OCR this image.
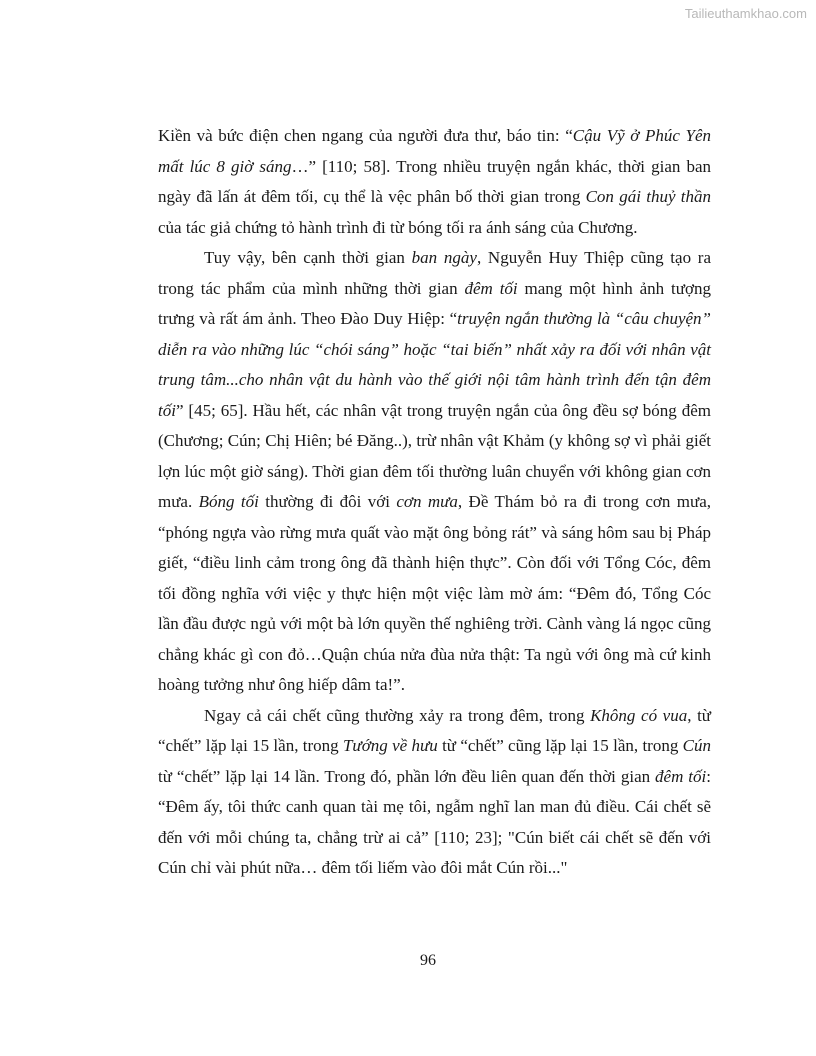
Tailieuthamkhao.com

Kiền và bức điện chen ngang của người đưa thư, báo tin: “Cậu Vỹ ở Phúc Yên mất lúc 8 giờ sáng…” [110; 58]. Trong nhiều truyện ngắn khác, thời gian ban ngày đã lấn át đêm tối, cụ thể là vệc phân bố thời gian trong Con gái thuỷ thần của tác giả chứng tỏ hành trình đi từ bóng tối ra ánh sáng của Chương.

Tuy vậy, bên cạnh thời gian ban ngày, Nguyễn Huy Thiệp cũng tạo ra trong tác phẩm của mình những thời gian đêm tối mang một hình ảnh tượng trưng và rất ám ảnh. Theo Đào Duy Hiệp: “truyện ngắn thường là “câu chuyện” diễn ra vào những lúc “chói sáng” hoặc “tai biến” nhất xảy ra đối với nhân vật trung tâm...cho nhân vật du hành vào thế giới nội tâm hành trình đến tận đêm tối” [45; 65]. Hầu hết, các nhân vật trong truyện ngắn của ông đều sợ bóng đêm (Chương; Cún; Chị Hiên; bé Đăng..), trừ nhân vật Khảm (y không sợ vì phải giết lợn lúc một giờ sáng). Thời gian đêm tối thường luân chuyển với không gian cơn mưa. Bóng tối thường đi đôi với cơn mưa, Đề Thám bỏ ra đi trong cơn mưa, “phóng ngựa vào rừng mưa quất vào mặt ông bỏng rát” và sáng hôm sau bị Pháp giết, “điều linh cảm trong ông đã thành hiện thực”. Còn đối với Tổng Cóc, đêm tối đồng nghĩa với việc y thực hiện một việc làm mờ ám: “Đêm đó, Tổng Cóc lần đầu được ngủ với một bà lớn quyền thế nghiêng trời. Cành vàng lá ngọc cũng chẳng khác gì con đỏ…Quận chúa nửa đùa nửa thật: Ta ngủ với ông mà cứ kinh hoàng tưởng như ông hiếp dâm ta!”.

Ngay cả cái chết cũng thường xảy ra trong đêm, trong Không có vua, từ “chết” lặp lại 15 lần, trong Tướng về hưu từ “chết” cũng lặp lại 15 lần, trong Cún từ “chết” lặp lại 14 lần. Trong đó, phần lớn đều liên quan đến thời gian đêm tối: “Đêm ấy, tôi thức canh quan tài mẹ tôi, ngẫm nghĩ lan man đủ điều. Cái chết sẽ đến với mỗi chúng ta, chẳng trừ ai cả” [110; 23]; "Cún biết cái chết sẽ đến với Cún chỉ vài phút nữa… đêm tối liếm vào đôi mắt Cún rồi..."

96
